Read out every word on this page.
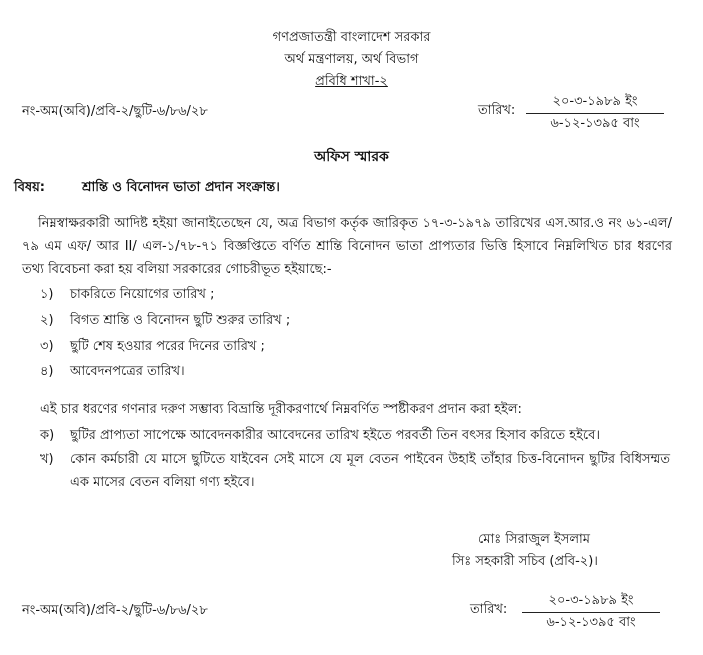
গণপ্রজাতন্ত্রী বাংলাদেশ সরকার
অর্থ মন্ত্রণালয়, অর্থ বিভাগ
প্রবিধি শাখা-২
নং-অম(অবি)/প্রবি-২/ছুটি-৬/৮৬/২৮	তারিখ:
২০-৩-১৯৮৯ ইং
৬-১২-১৩৯৫ বাং
অফিস স্মারক
বিষয়:	শ্রান্তি ও বিনোদন ভাতা প্রদান সংক্রান্ত।
নিম্নস্বাক্ষরকারী আদিষ্ট হইয়া জানাইতেছেন যে, অত্র বিভাগ কর্তৃক জারিকৃত ১৭-৩-১৯৭৯ তারিখের এস.আর.ও নং ৬১-এল/৭৯ এম এফ/ আর II/ এল-১/৭৮-৭১ বিজ্ঞপ্তিতে বর্ণিত শ্রান্তি বিনোদন ভাতা প্রাপ্যতার ভিত্তি হিসাবে নিম্নলিখিত চার ধরণের তথ্য বিবেচনা করা হয় বলিয়া সরকারের গোচরীভূত হইয়াছে:-
১) চাকরিতে নিয়োগের তারিখ ;
২) বিগত শ্রান্তি ও বিনোদন ছুটি শুরুর তারিখ ;
৩) ছুটি শেষ হওয়ার পরের দিনের তারিখ ;
৪) আবেদনপত্রের তারিখ।
এই চার ধরণের গণনার দরুণ সম্ভাব্য বিভ্রান্তি দূরীকরণার্থে নিম্নবর্ণিত স্পষ্টীকরণ প্রদান করা হইল:
ক) ছুটির প্রাপ্যতা সাপেক্ষে আবেদনকারীর আবেদনের তারিখ হইতে পরবর্তী তিন বৎসর হিসাব করিতে হইবে।
খ) কোন কর্মচারী যে মাসে ছুটিতে যাইবেন সেই মাসে যে মূল বেতন পাইবেন উহাই তাঁহার চিত্ত-বিনোদন ছুটির বিধিসম্মত এক মাসের বেতন বলিয়া গণ্য হইবে।
মোঃ সিরাজুল ইসলাম
সিঃ সহকারী সচিব (প্রবি-২)।
নং-অম(অবি)/প্রবি-২/ছুটি-৬/৮৬/২৮	তারিখ:
২০-৩-১৯৮৯ ইং
৬-১২-১৩৯৫ বাং
